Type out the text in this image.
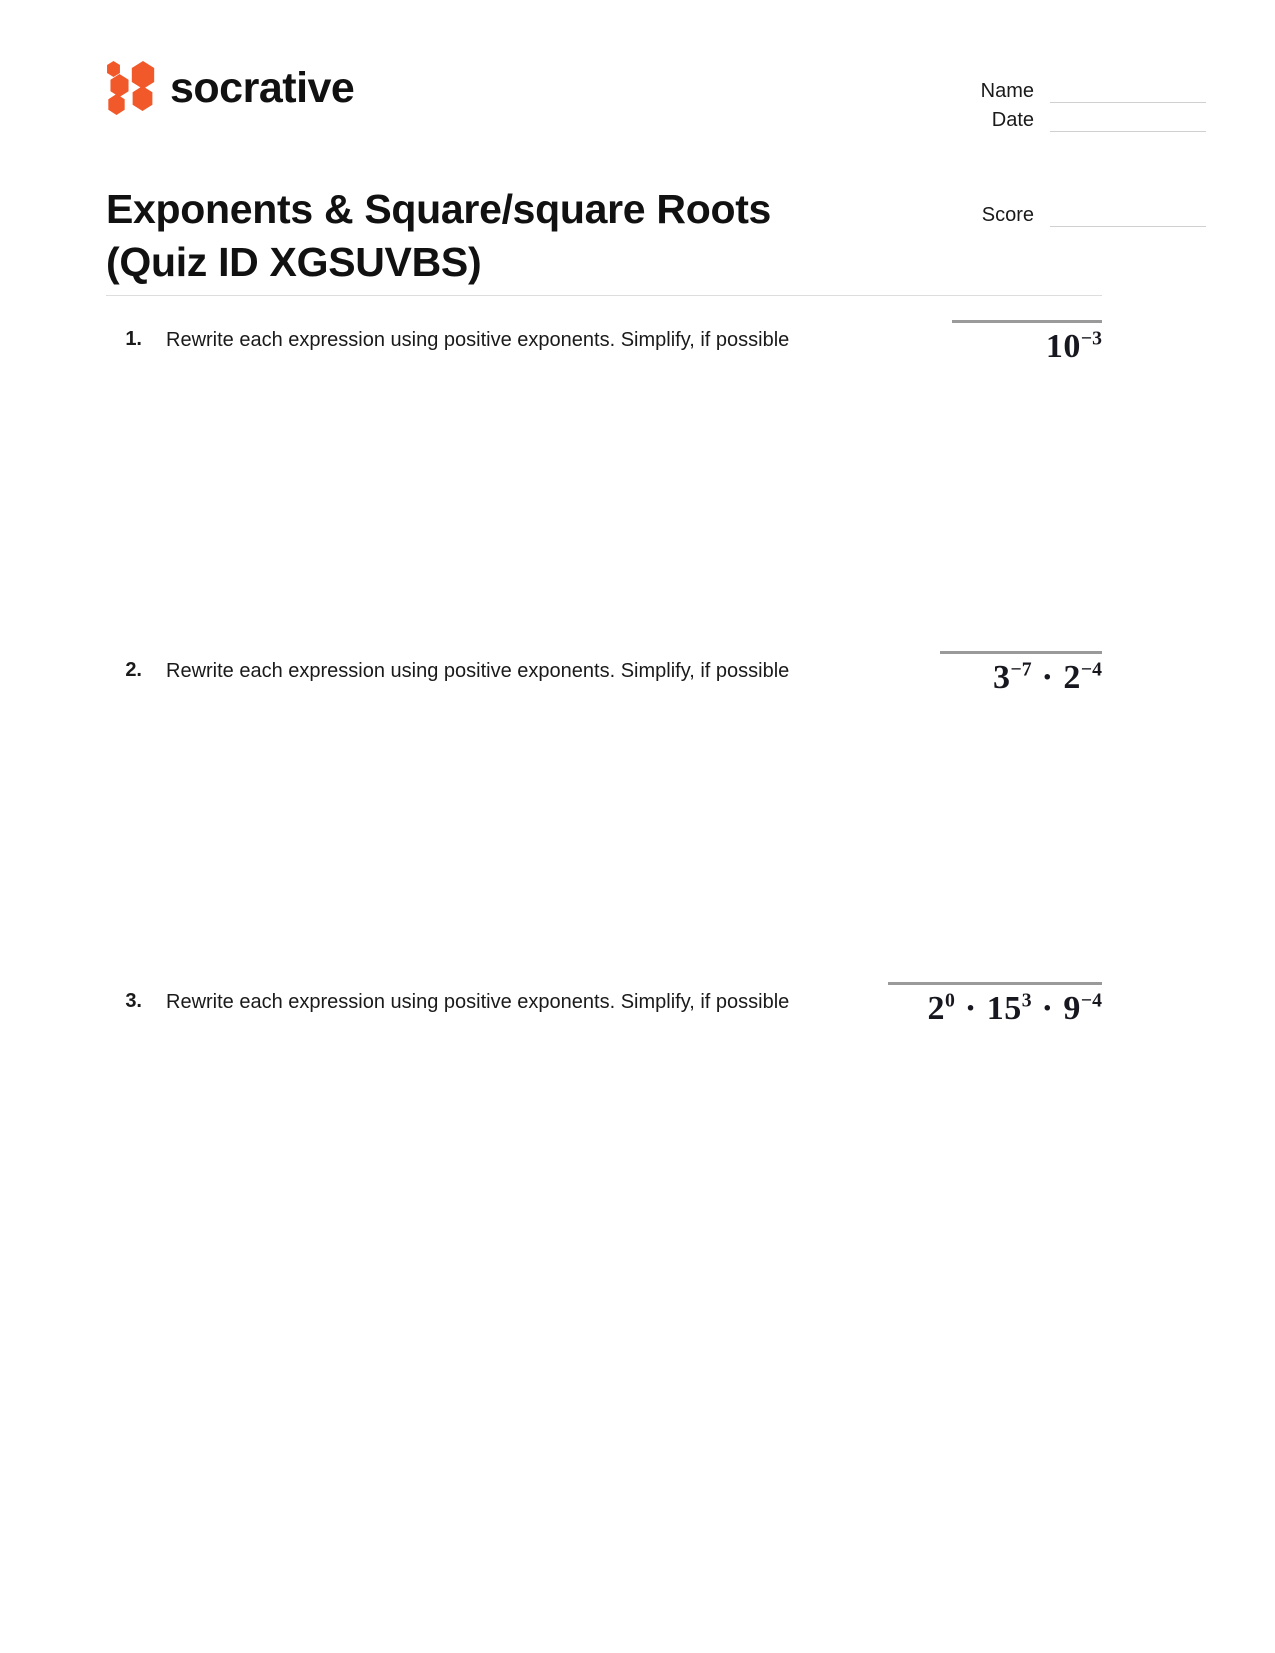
socrative
Exponents & Square/square Roots (Quiz ID XGSUVBS)
Name
Date
Score
1.	Rewrite each expression using positive exponents. Simplify, if possible	$10^{-3}$
2.	Rewrite each expression using positive exponents. Simplify, if possible	$3^{-7} \cdot 2^{-4}$
3.	Rewrite each expression using positive exponents. Simplify, if possible	$2^0 \cdot 15^3 \cdot 9^{-4}$
